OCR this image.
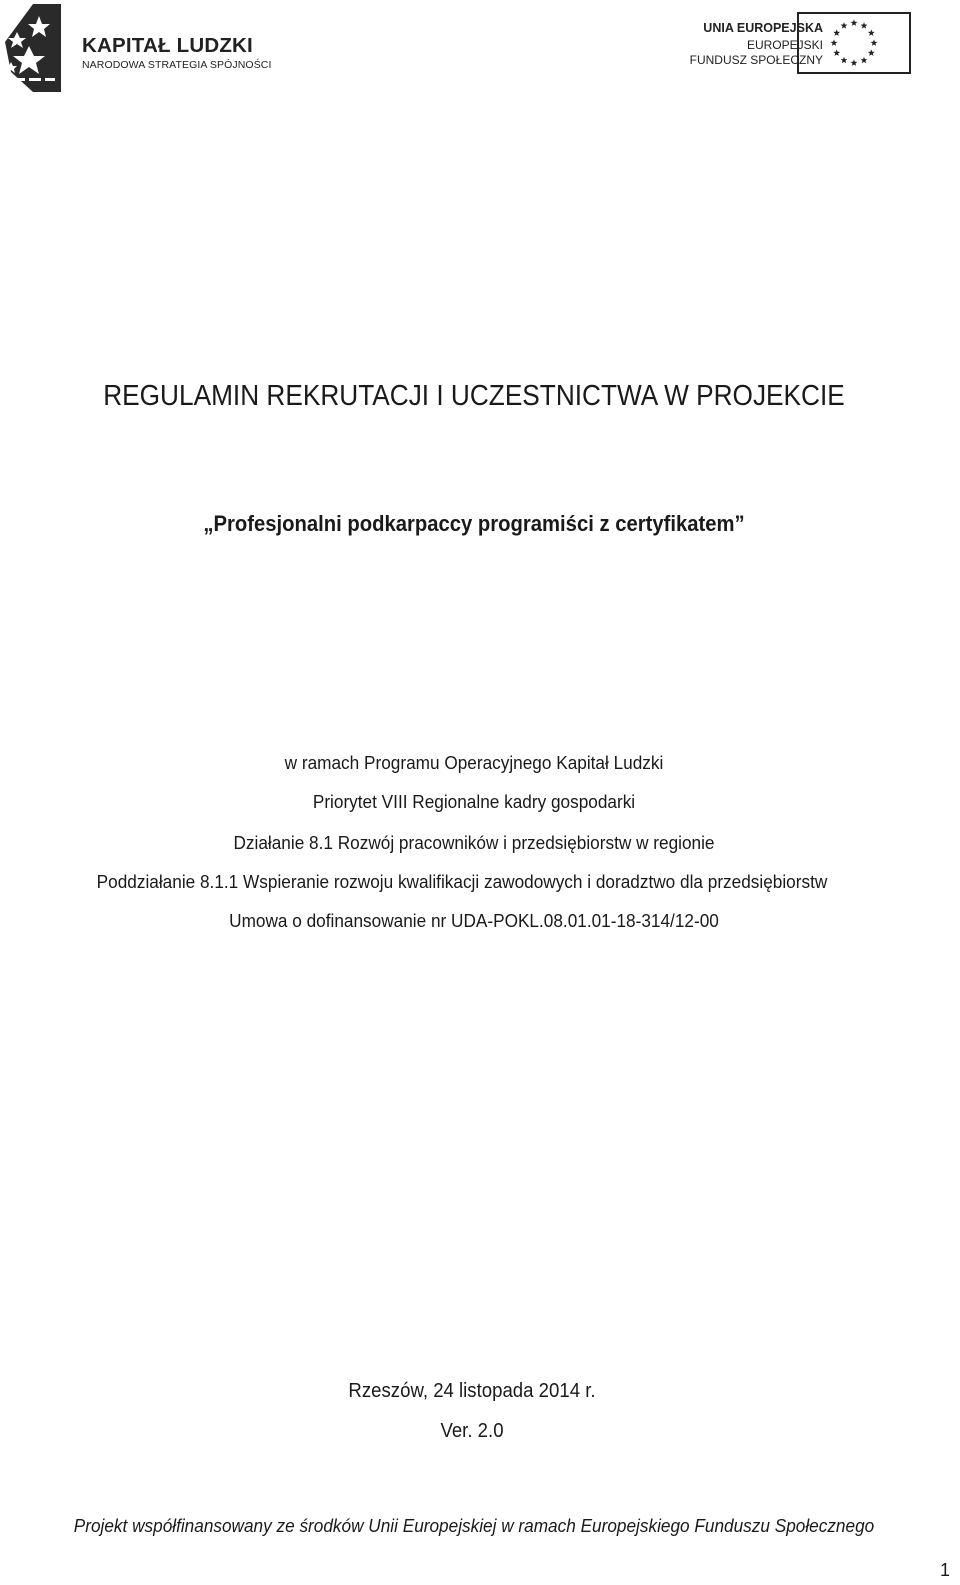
KAPITAŁ LUDZKI
NARODOWA STRATEGIA SPÓJNOŚCI
UNIA EUROPEJSKA
EUROPEJSKI
FUNDUSZ SPOŁECZNY
REGULAMIN REKRUTACJI I UCZESTNICTWA W PROJEKCIE
„Profesjonalni podkarpaccy programiści z certyfikatem”
w ramach Programu Operacyjnego Kapitał Ludzki
Priorytet VIII Regionalne kadry gospodarki
Działanie 8.1 Rozwój pracowników i przedsiębiorstw w regionie
Poddziałanie 8.1.1 Wspieranie rozwoju kwalifikacji zawodowych i doradztwo dla przedsiębiorstw
Umowa o dofinansowanie nr UDA-POKL.08.01.01-18-314/12-00
Rzeszów, 24 listopada 2014 r.
Ver. 2.0
Projekt współfinansowany ze środków Unii Europejskiej w ramach Europejskiego Funduszu Społecznego
1
